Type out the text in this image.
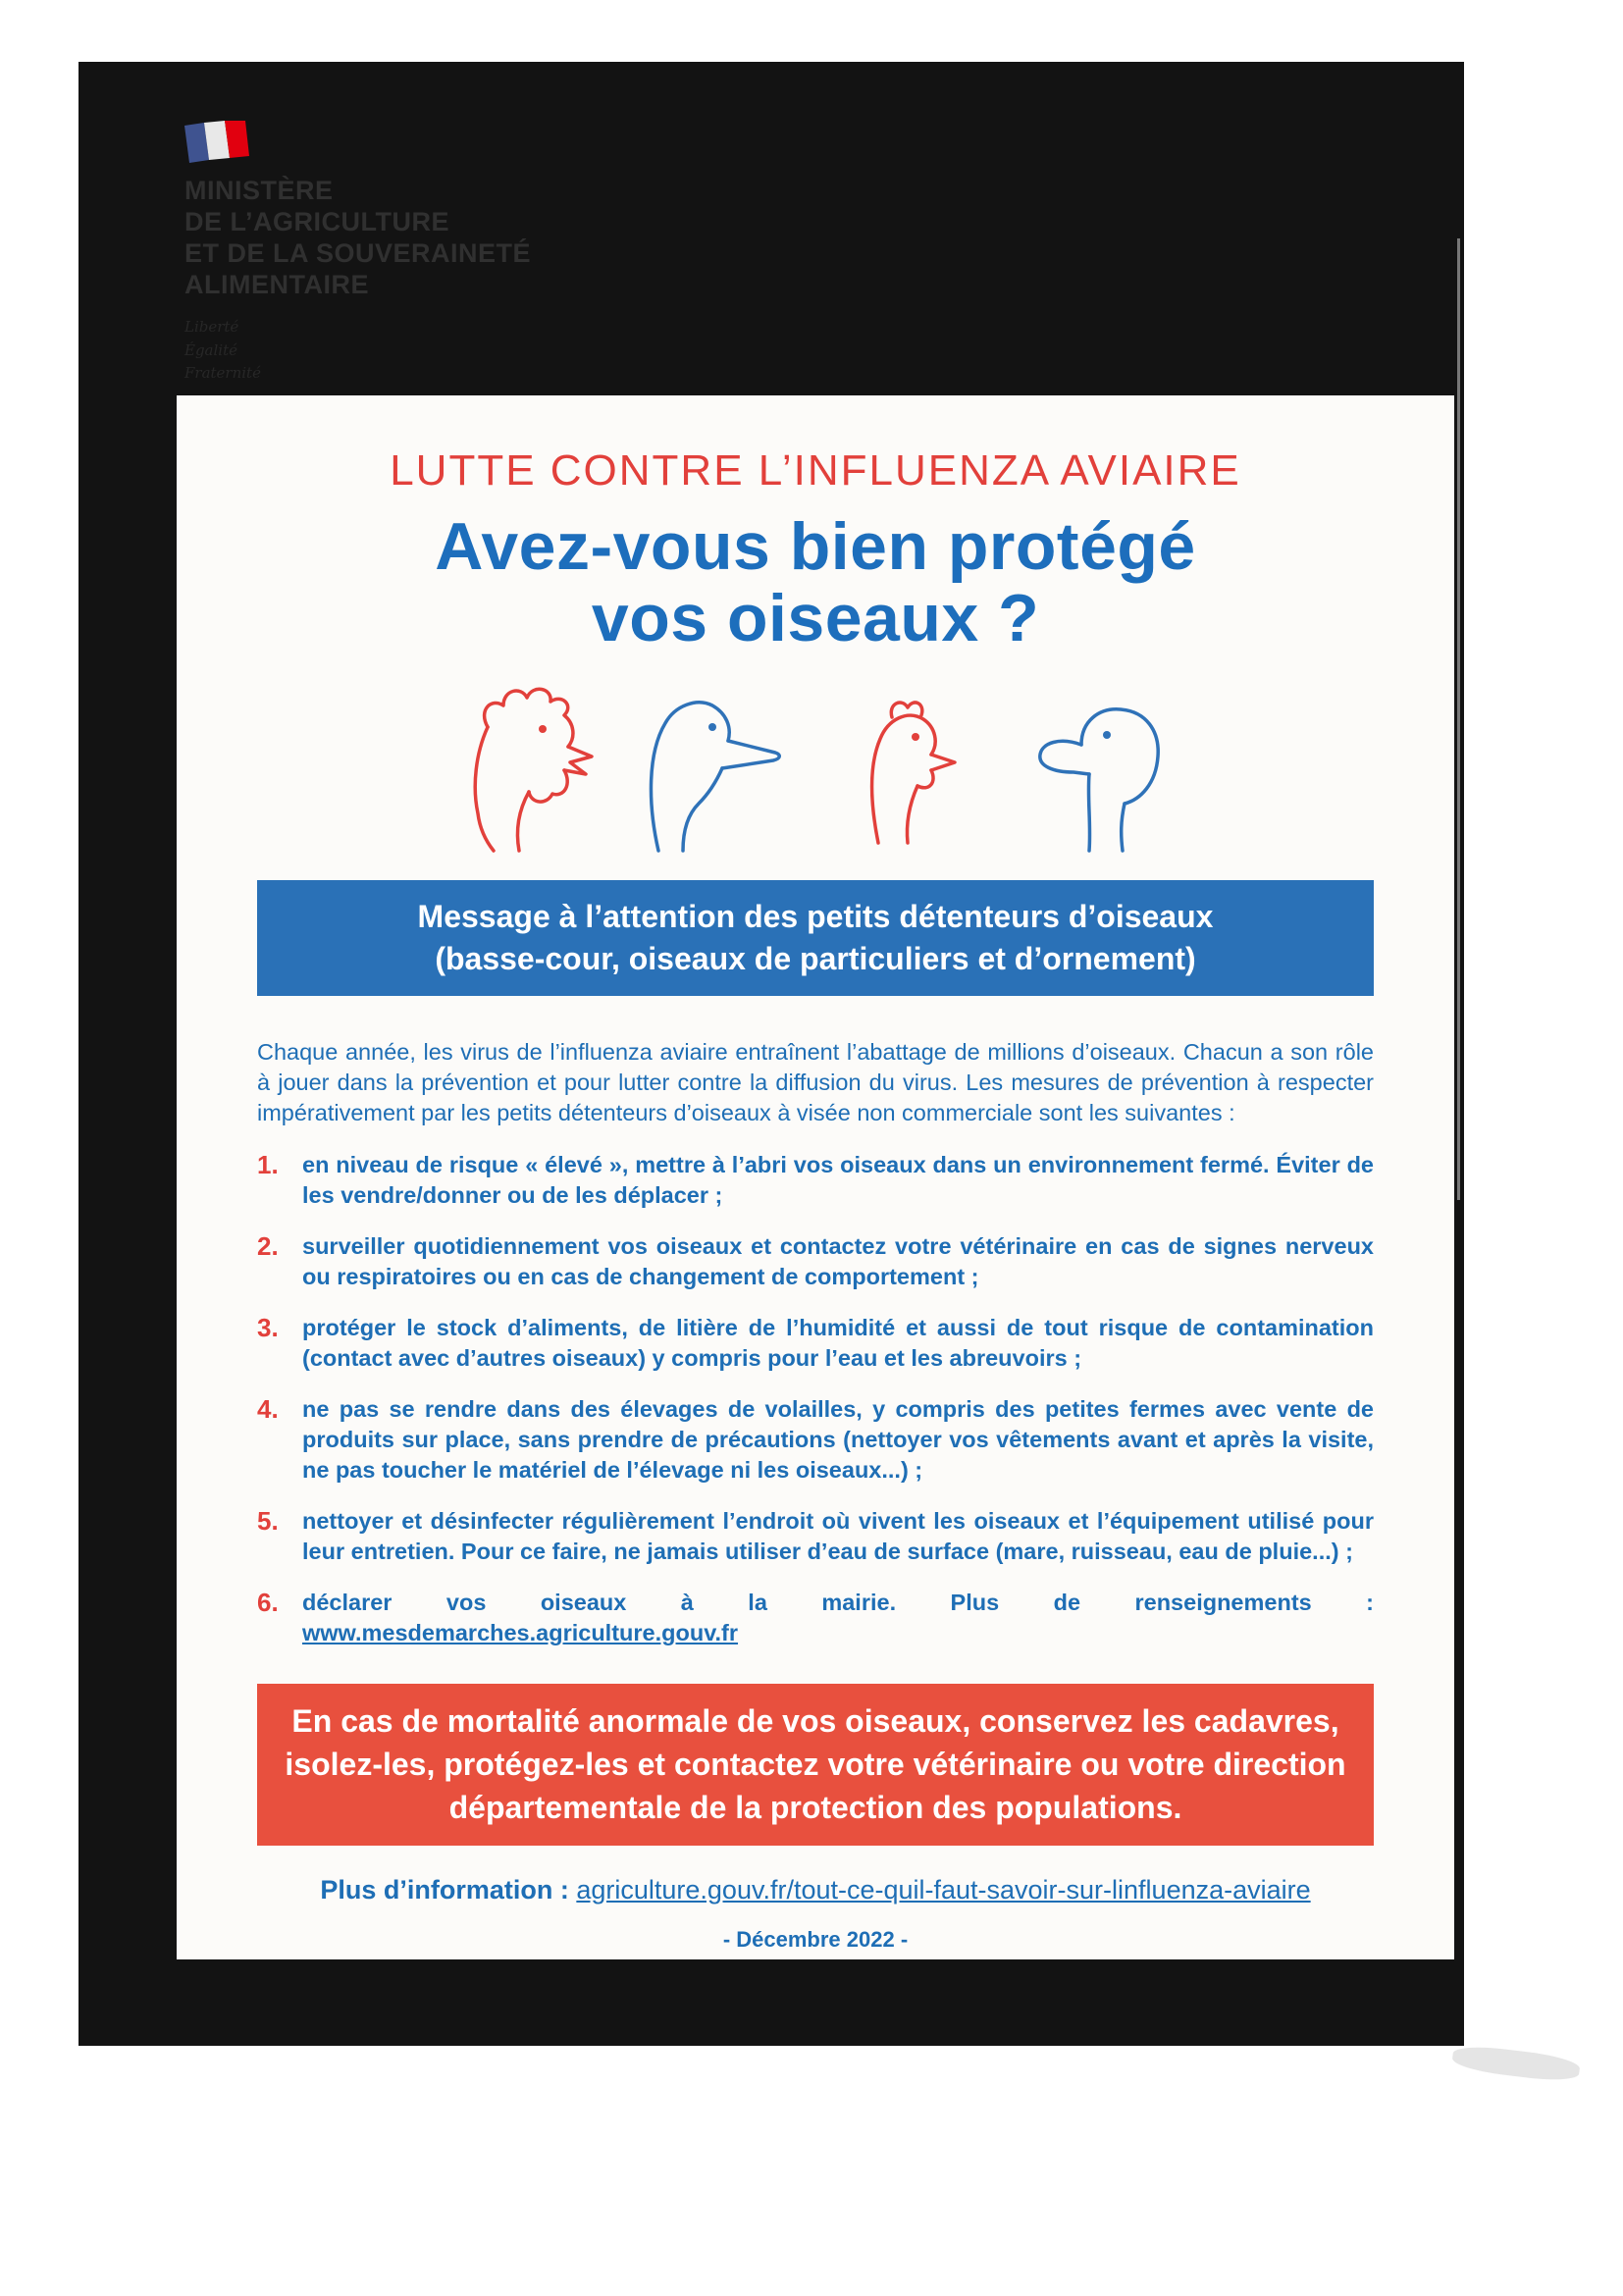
MINISTÈRE
DE L’AGRICULTURE
ET DE LA SOUVERAINETÉ
ALIMENTAIRE
Liberté
Égalité
Fraternité
LUTTE CONTRE L’INFLUENZA AVIAIRE
Avez-vous bien protégé
vos oiseaux ?
Message à l’attention des petits détenteurs d’oiseaux
(basse-cour, oiseaux de particuliers et d’ornement)

Chaque année, les virus de l’influenza aviaire entraînent l’abattage de millions d’oiseaux. Chacun a son rôle à jouer dans la prévention et pour lutter contre la diffusion du virus. Les mesures de prévention à respecter impérativement par les petits détenteurs d’oiseaux à visée non commerciale sont les suivantes :

1.	en niveau de risque « élevé », mettre à l’abri vos oiseaux dans un environnement fermé. Éviter de les vendre/donner ou de les déplacer ;
2.	surveiller quotidiennement vos oiseaux et contactez votre vétérinaire en cas de signes nerveux ou respiratoires ou en cas de changement de comportement ;
3.	protéger le stock d’aliments, de litière de l’humidité et aussi de tout risque de contamination (contact avec d’autres oiseaux) y compris pour l’eau et les abreuvoirs ;
4.	ne pas se rendre dans des élevages de volailles, y compris des petites fermes avec vente de produits sur place, sans prendre de précautions (nettoyer vos vêtements avant et après la visite, ne pas toucher le matériel de l’élevage ni les oiseaux...) ;
5.	nettoyer et désinfecter régulièrement l’endroit où vivent les oiseaux et l’équipement utilisé pour leur entretien. Pour ce faire, ne jamais utiliser d’eau de surface (mare, ruisseau, eau de pluie...) ;
6.	déclarer vos oiseaux à la mairie. Plus de renseignements : www.mesdemarches.agriculture.gouv.fr
En cas de mortalité anormale de vos oiseaux, conservez les cadavres,
isolez-les, protégez-les et contactez votre vétérinaire ou votre direction
départementale de la protection des populations.
Plus d’information : agriculture.gouv.fr/tout-ce-quil-faut-savoir-sur-linfluenza-aviaire
- Décembre 2022 -
